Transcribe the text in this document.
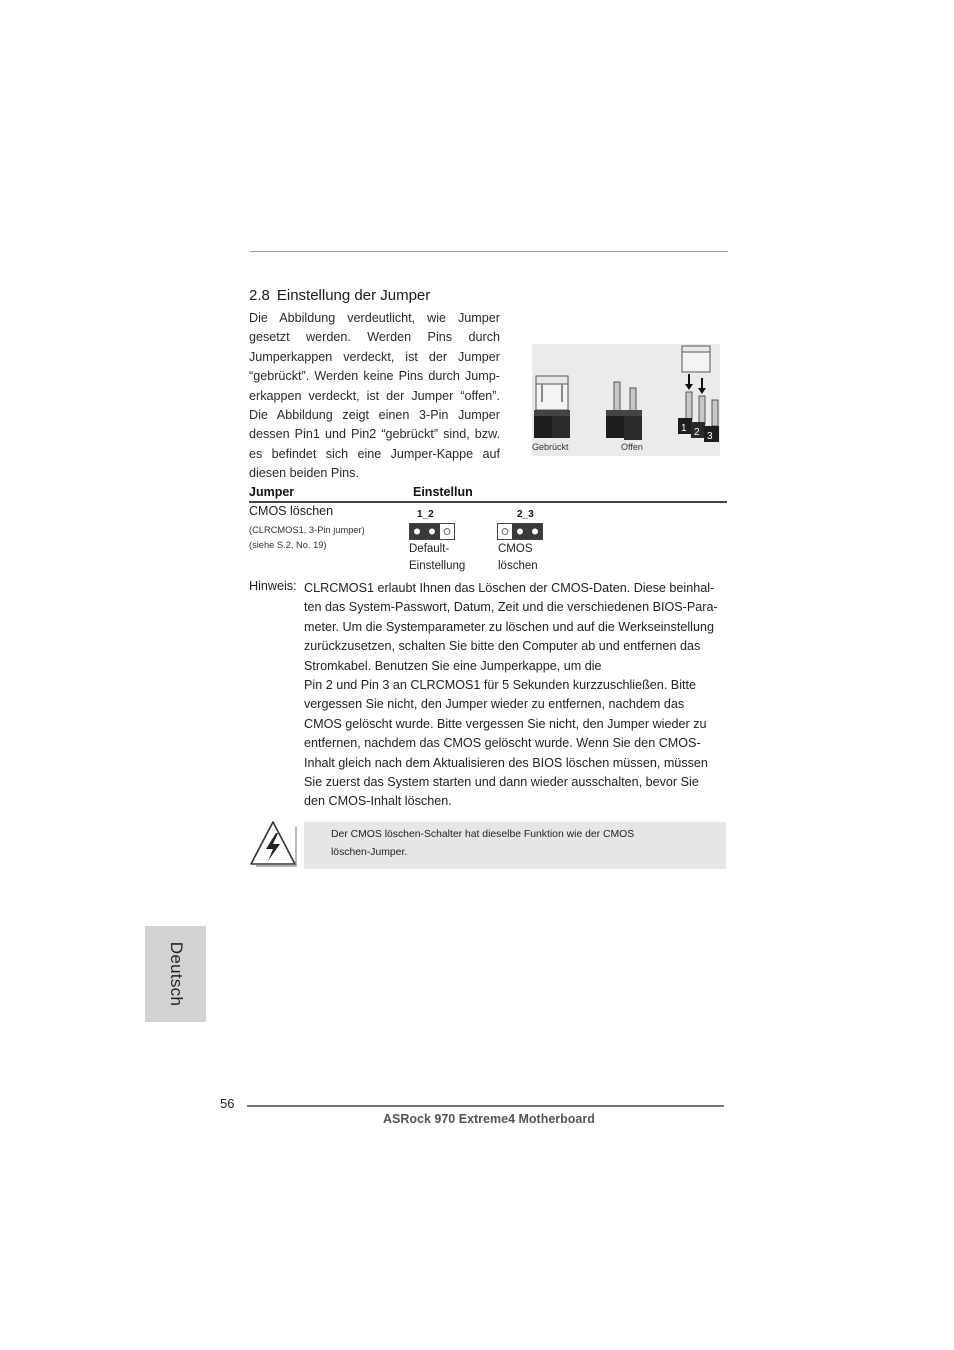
2.8 Einstellung der Jumper
Die Abbildung verdeutlicht, wie Jumper
gesetzt werden. Werden Pins durch
Jumperkappen verdeckt, ist der Jumper
“gebrückt”. Werden keine Pins durch Jump-
erkappen verdeckt, ist der Jumper “offen”.
Die Abbildung zeigt einen 3-Pin Jumper
dessen Pin1 und Pin2 “gebrückt” sind, bzw.
es befindet sich eine Jumper-Kappe auf
diesen beiden Pins.
1 2 3
Gebrückt	Offen
Jumper	Einstellun
CMOS löschen
(CLRCMOS1, 3-Pin jumper)
(siehe S.2, No. 19)
1_2
Default-
Einstellung
2_3
CMOS
löschen
Hinweis: CLRCMOS1 erlaubt Ihnen das Löschen der CMOS-Daten. Diese beinhal-
ten das System-Passwort, Datum, Zeit und die verschiedenen BIOS-Para-
meter. Um die Systemparameter zu löschen und auf die Werkseinstellung
zurückzusetzen, schalten Sie bitte den Computer ab und entfernen das
Stromkabel. Benutzen Sie eine Jumperkappe, um die
Pin 2 und Pin 3 an CLRCMOS1 für 5 Sekunden kurzzuschließen. Bitte
vergessen Sie nicht, den Jumper wieder zu entfernen, nachdem das
CMOS gelöscht wurde. Bitte vergessen Sie nicht, den Jumper wieder zu
entfernen, nachdem das CMOS gelöscht wurde. Wenn Sie den CMOS-
Inhalt gleich nach dem Aktualisieren des BIOS löschen müssen, müssen
Sie zuerst das System starten und dann wieder ausschalten, bevor Sie
den CMOS-Inhalt löschen.
Der CMOS löschen-Schalter hat dieselbe Funktion wie der CMOS
löschen-Jumper.
Deutsch
56
ASRock 970 Extreme4 Motherboard
